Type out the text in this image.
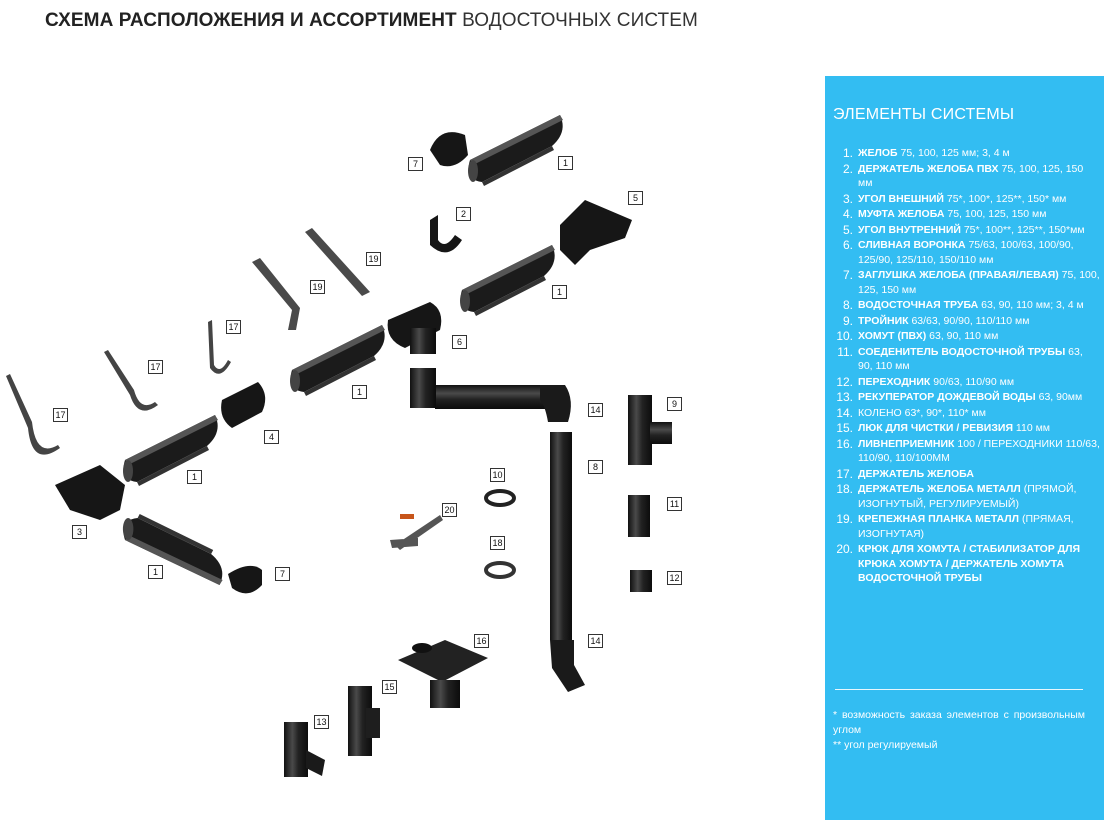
СХЕМА РАСПОЛОЖЕНИЯ И АССОРТИМЕНТ ВОДОСТОЧНЫХ СИСТЕМ
7	1
5
2
19
19	1
17
6
17
1
4
1
17
3
1	7
14
9
8
10
20
11
18
12
14
16
15
13
ЭЛЕМЕНТЫ СИСТЕМЫ
1. ЖЕЛОБ 75, 100, 125 мм; 3, 4 м
2. ДЕРЖАТЕЛЬ ЖЕЛОБА ПВХ 75, 100, 125, 150 мм
3. УГОЛ ВНЕШНИЙ 75*, 100*, 125**, 150* мм
4. МУФТА ЖЕЛОБА 75, 100, 125, 150 мм
5. УГОЛ ВНУТРЕННИЙ 75*, 100**, 125**, 150*мм
6. СЛИВНАЯ ВОРОНКА 75/63, 100/63, 100/90, 125/90, 125/110, 150/110 мм
7. ЗАГЛУШКА ЖЕЛОБА (ПРАВАЯ/ЛЕВАЯ) 75, 100, 125, 150 мм
8. ВОДОСТОЧНАЯ ТРУБА 63, 90, 110 мм; 3, 4 м
9. ТРОЙНИК 63/63, 90/90, 110/110 мм
10. ХОМУТ (ПВХ) 63, 90, 110 мм
11. СОЕДЕНИТЕЛЬ ВОДОСТОЧНОЙ ТРУБЫ 63, 90, 110 мм
12. ПЕРЕХОДНИК 90/63, 110/90 мм
13. РЕКУПЕРАТОР ДОЖДЕВОЙ ВОДЫ 63, 90мм
14. КОЛЕНО 63*, 90*, 110* мм
15. ЛЮК ДЛЯ ЧИСТКИ / РЕВИЗИЯ 110 мм
16. ЛИВНЕПРИЕМНИК 100 / ПЕРЕХОДНИКИ 110/63, 110/90, 110/100ММ
17. ДЕРЖАТЕЛЬ ЖЕЛОБА
18. ДЕРЖАТЕЛЬ ЖЕЛОБА МЕТАЛЛ (ПРЯМОЙ, ИЗОГНУТЫЙ, РЕГУЛИРУЕМЫЙ)
19. КРЕПЕЖНАЯ ПЛАНКА МЕТАЛЛ (ПРЯМАЯ, ИЗОГНУТАЯ)
20. КРЮК ДЛЯ ХОМУТА / СТАБИЛИЗАТОР ДЛЯ КРЮКА ХОМУТА / ДЕРЖАТЕЛЬ ХОМУТА ВОДОСТОЧНОЙ ТРУБЫ
* возможность заказа элементов с произвольным углом
** угол регулируемый
